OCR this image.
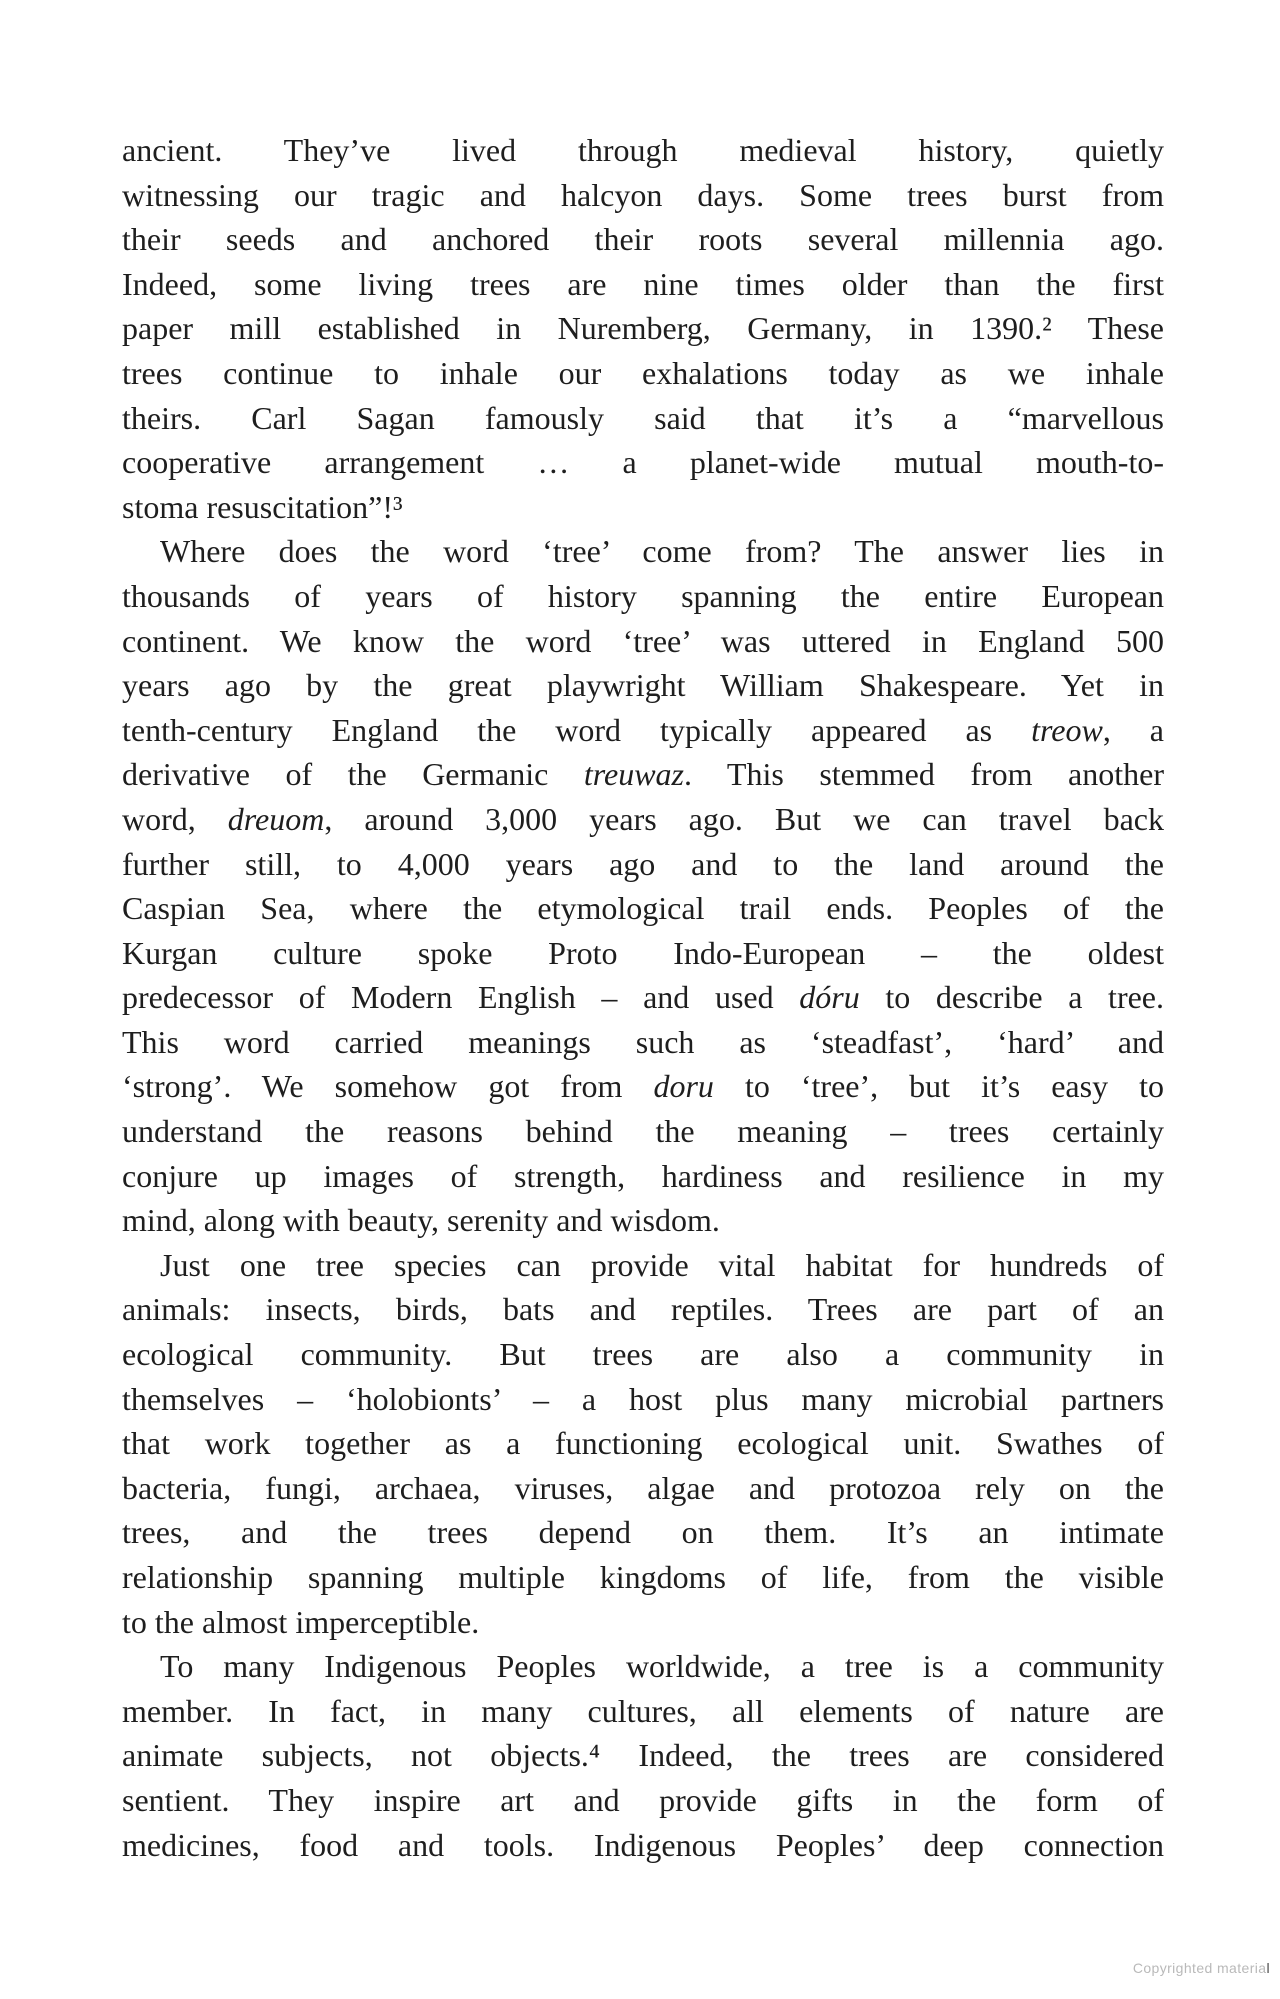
ancient. They’ve lived through medieval history, quietly
witnessing our tragic and halcyon days. Some trees burst from
their seeds and anchored their roots several millennia ago.
Indeed, some living trees are nine times older than the first
paper mill established in Nuremberg, Germany, in 1390.² These
trees continue to inhale our exhalations today as we inhale
theirs. Carl Sagan famously said that it’s a “marvellous
cooperative arrangement … a planet-wide mutual mouth-to-
stoma resuscitation”!³
Where does the word ‘tree’ come from? The answer lies in
thousands of years of history spanning the entire European
continent. We know the word ‘tree’ was uttered in England 500
years ago by the great playwright William Shakespeare. Yet in
tenth-century England the word typically appeared as treow, a
derivative of the Germanic treuwaz. This stemmed from another
word, dreuom, around 3,000 years ago. But we can travel back
further still, to 4,000 years ago and to the land around the
Caspian Sea, where the etymological trail ends. Peoples of the
Kurgan culture spoke Proto Indo-European – the oldest
predecessor of Modern English – and used dóru to describe a tree.
This word carried meanings such as ‘steadfast’, ‘hard’ and
‘strong’. We somehow got from doru to ‘tree’, but it’s easy to
understand the reasons behind the meaning – trees certainly
conjure up images of strength, hardiness and resilience in my
mind, along with beauty, serenity and wisdom.
Just one tree species can provide vital habitat for hundreds of
animals: insects, birds, bats and reptiles. Trees are part of an
ecological community. But trees are also a community in
themselves – ‘holobionts’ – a host plus many microbial partners
that work together as a functioning ecological unit. Swathes of
bacteria, fungi, archaea, viruses, algae and protozoa rely on the
trees, and the trees depend on them. It’s an intimate
relationship spanning multiple kingdoms of life, from the visible
to the almost imperceptible.
To many Indigenous Peoples worldwide, a tree is a community
member. In fact, in many cultures, all elements of nature are
animate subjects, not objects.⁴ Indeed, the trees are considered
sentient. They inspire art and provide gifts in the form of
medicines, food and tools. Indigenous Peoples’ deep connection
Copyrighted material
